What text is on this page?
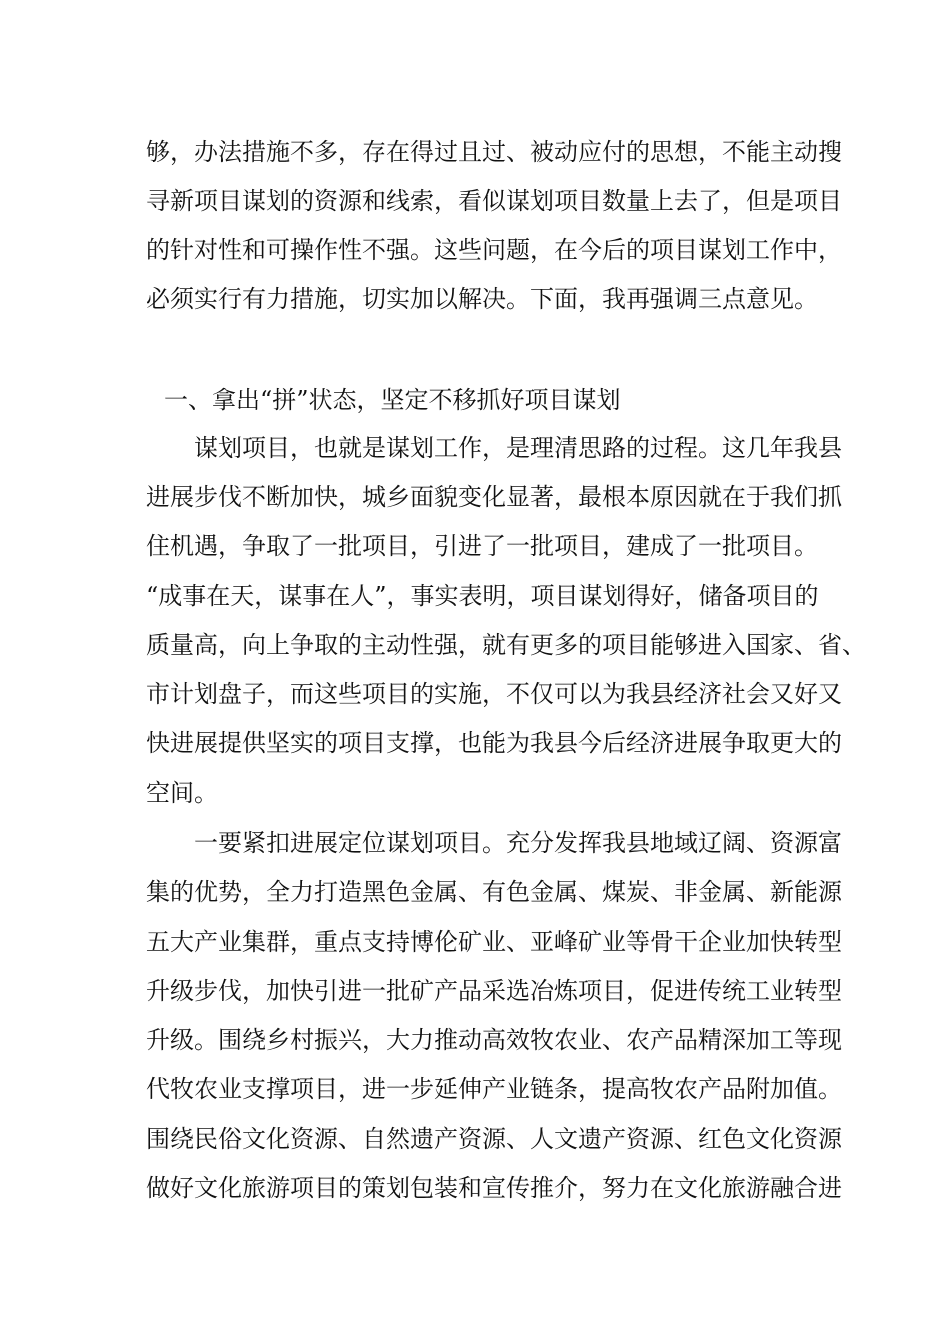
够，办法措施不多，存在得过且过、被动应付的思想，不能主动搜
寻新项目谋划的资源和线索，看似谋划项目数量上去了，但是项目
的针对性和可操作性不强。这些问题，在今后的项目谋划工作中，
必须实行有力措施，切实加以解决。下面，我再强调三点意见。
一、拿出“拼”状态，坚定不移抓好项目谋划
谋划项目，也就是谋划工作，是理清思路的过程。这几年我县
进展步伐不断加快，城乡面貌变化显著，最根本原因就在于我们抓
住机遇，争取了一批项目，引进了一批项目，建成了一批项目。
“成事在天，谋事在人”，事实表明，项目谋划得好，储备项目的
质量高，向上争取的主动性强，就有更多的项目能够进入国家、省、
市计划盘子，而这些项目的实施，不仅可以为我县经济社会又好又
快进展提供坚实的项目支撑，也能为我县今后经济进展争取更大的
空间。
一要紧扣进展定位谋划项目。充分发挥我县地域辽阔、资源富
集的优势，全力打造黑色金属、有色金属、煤炭、非金属、新能源
五大产业集群，重点支持博伦矿业、亚峰矿业等骨干企业加快转型
升级步伐，加快引进一批矿产品采选冶炼项目，促进传统工业转型
升级。围绕乡村振兴，大力推动高效牧农业、农产品精深加工等现
代牧农业支撑项目，进一步延伸产业链条，提高牧农产品附加值。
围绕民俗文化资源、自然遗产资源、人文遗产资源、红色文化资源
做好文化旅游项目的策划包装和宣传推介，努力在文化旅游融合进
